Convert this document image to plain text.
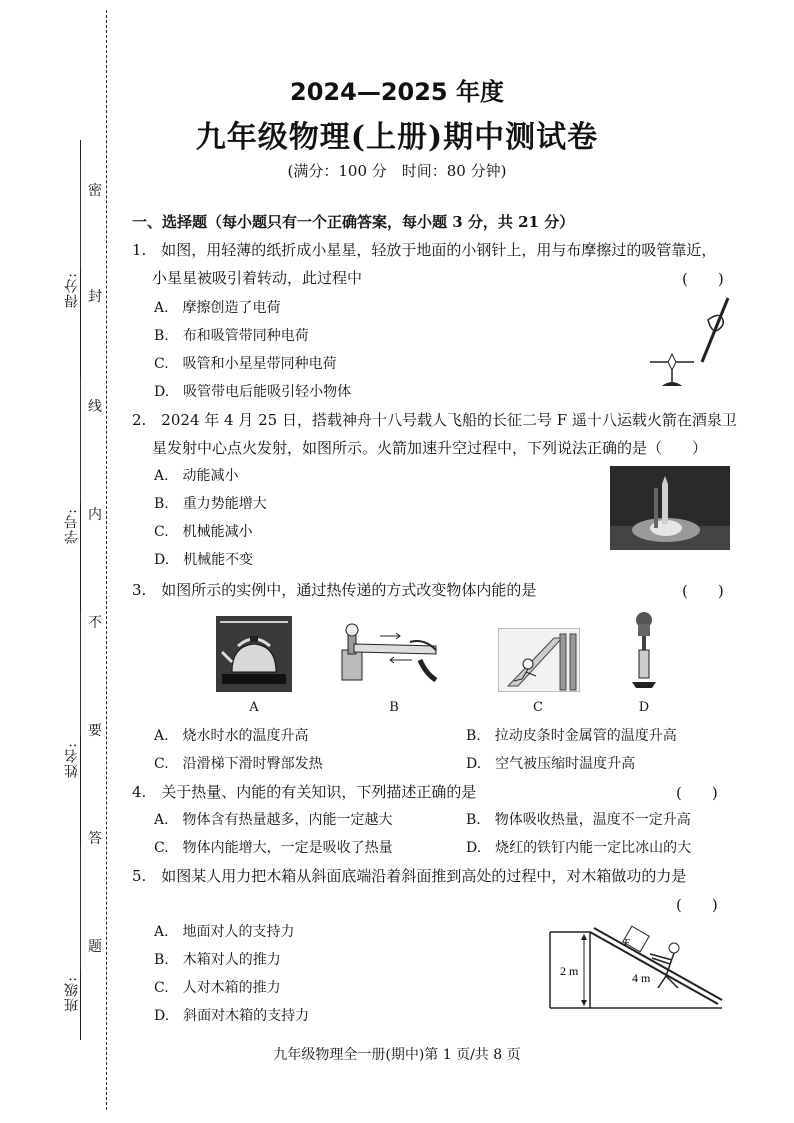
密
封
线
内
不
要
答
题
得分:
学号:
姓名:
班级:
2024—2025 年度
九年级物理(上册)期中测试卷
(满分：100 分　时间：80 分钟)
一、选择题（每小题只有一个正确答案，每小题 3 分，共 21 分）
1.　如图，用轻薄的纸折成小星星，轻放于地面的小钢针上，用与布摩擦过的吸管靠近，
小星星被吸引着转动，此过程中	(　　)
A.　摩擦创造了电荷
B.　布和吸管带同种电荷
C.　吸管和小星星带同种电荷
D.　吸管带电后能吸引轻小物体
2.　2024 年 4 月 25 日，搭载神舟十八号载人飞船的长征二号 F 遥十八运载火箭在酒泉卫
星发射中心点火发射，如图所示。火箭加速升空过程中，下列说法正确的是（　　）
A.　动能减小
B.　重力势能增大
C.　机械能减小
D.　机械能不变
3.　如图所示的实例中，通过热传递的方式改变物体内能的是	(　　)
A	B	C	D
A.　烧水时水的温度升高	B.　拉动皮条时金属管的温度升高
C.　沿滑梯下滑时臀部发热	D.　空气被压缩时温度升高
4.　关于热量、内能的有关知识，下列描述正确的是	(　　)
A.　物体含有热量越多，内能一定越大	B.　物体吸收热量，温度不一定升高
C.　物体内能增大，一定是吸收了热量	D.　烧红的铁钉内能一定比冰山的大
5.　如图某人用力把木箱从斜面底端沿着斜面推到高处的过程中，对木箱做功的力是
(　　)
A.　地面对人的支持力
B.　木箱对人的推力
C.　人对木箱的推力
D.　斜面对木箱的支持力
2 m	4 m
F
九年级物理全一册(期中)第 1 页/共 8 页
